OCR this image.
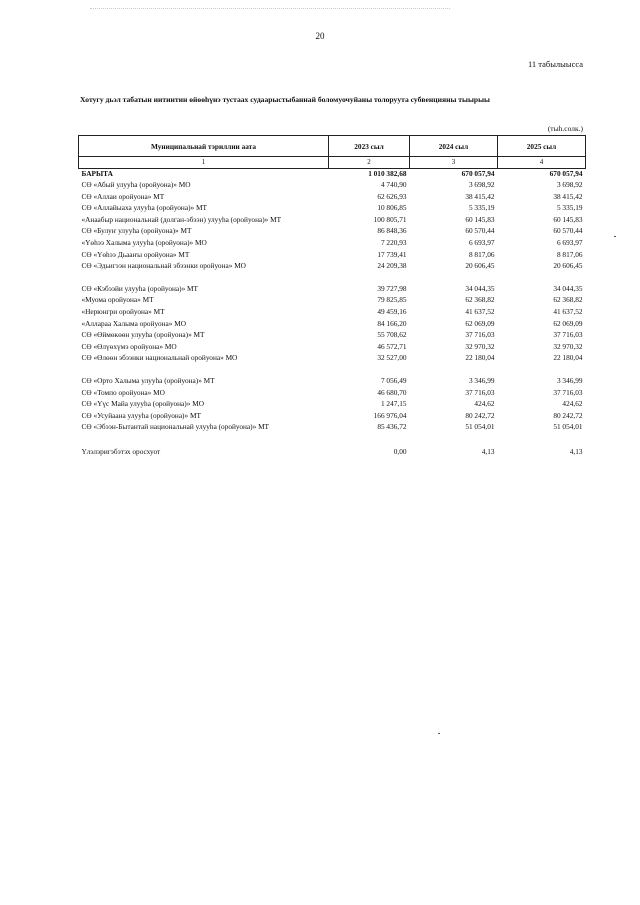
20
11 табылыысса
Хотугу дьэл табатын иитиитин өйөөһүнэ тустаах судаарыстыбаннай боломуочуйаны толоруута субвенцияны тыырыы
(тыһ.солк.)
Муниципальнай тэриллии аата	2023 сыл	2024 сыл	2025 сыл
1	2	3	4
БАРЫТА	1 010 382,68	670 057,94	670 057,94
СӨ «Абый улууһа (оройуона)» МО	4 740,90	3 698,92	3 698,92
СӨ «Аллаи оройуона» МТ	62 626,93	38 415,42	38 415,42
СӨ «Аллайыаха улууһа (оройуона)» МТ	10 806,85	5 335,19	5 335,19
«Анаабыр национальнай (долган-эбээн) улууһа (оройуона)» МТ	100 805,71	60 145,83	60 145,83
СӨ «Булуҥ улууһа (оройуона)» МТ	86 848,36	60 570,44	60 570,44
«Үөһээ Халыма улууһа (оройуона)» МО	7 220,93	6 693,97	6 693,97
СӨ «Үөһээ Дьааҥы оройуона» МТ	17 739,41	8 817,06	8 817,06
СӨ «Эдьигээн национальнай эбээнки оройуона» МО	24 209,38	20 606,45	20 606,45

СӨ «Кэбээйи улууһа (оройуона)» МТ	39 727,98	34 044,35	34 044,35
«Муома оройуона» МТ	79 825,85	62 368,82	62 368,82
«Нерюнгри оройуона» МТ	49 459,16	41 637,52	41 637,52
«Аллараа Халыма оройуона» МО	84 166,20	62 069,09	62 069,09
СӨ «Өймөкөөн улууһа (оройуона)» МТ	55 708,62	37 716,03	37 716,03
СӨ «Өлүөхүмэ оройуона» МО	46 572,71	32 970,32	32 970,32
СӨ «Өлөөн эбээнки национальнай оройуона» МО	32 527,00	22 180,04	22 180,04

СӨ «Орто Халыма улууһа (оройуона)» МТ	7 056,49	3 346,99	3 346,99
СӨ «Томпо оройуона» МО	46 680,70	37 716,03	37 716,03
СӨ «Үүс Майа улууһа (оройуона)» МО	1 247,15	424,62	424,62
СӨ «Усуйаана улууһа (оройуона)» МТ	166 976,04	80 242,72	80 242,72
СӨ «Эбээн-Бытантай национальнай улууһа (оройуона)» МТ	85 436,72	51 054,01	51 054,01

Үлэлэригэбэтэх оросхуот	0,00	4,13	4,13
